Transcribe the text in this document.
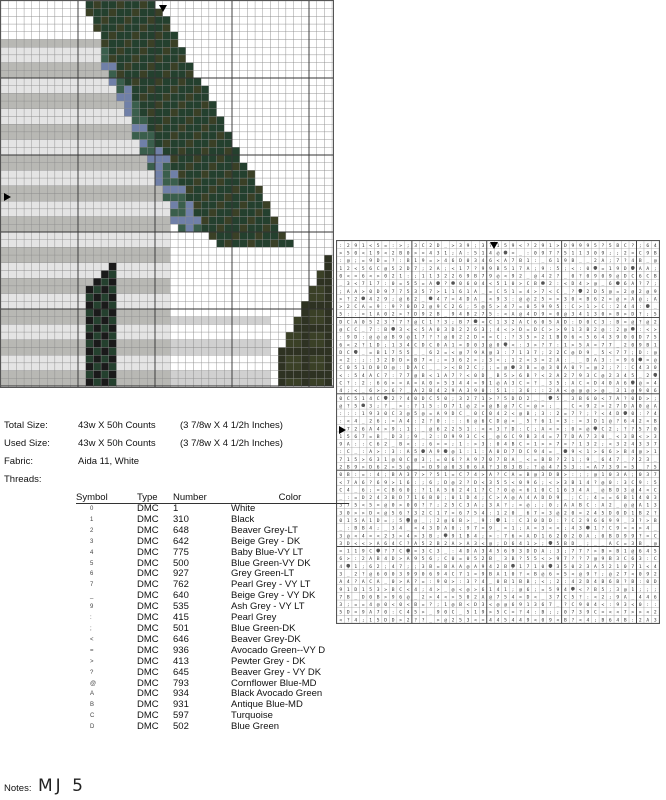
: 2 9 1 < 5 = : > ; 3 C 2 D _ > 3 9 ; 3 7 1 5 9 < ? 2 9 1 > D 9 9 9 5 ? 5 B C ? ; 6 4
> 5 0 < 1 9 < 2 B 0 > = 4 3 1 ; A : 5 1 4 @	= _ : 0 9 7 ? 5 1 1 3 0 9 ; ; 2 = C 9 B
: @ ; = 9 D = ? : B 1 9 = > 4 6 D 0 3 4 6 < A 7 B 1 : _ 6 1 9 B _ _ 2 A ; 7 ? 4 B _ @
1 2 < 5 6 C @ 5 2 D 7 ; 2 A ; < 1 7 ? 9 9 B 5 1 7 A ; 9 : 5 ; < : 0	= 1 9 D	A A ;
0 < = 6 < > 0 2 1 : ; 1 1 3 2 2 6 9 B 7 9 @ < 9 2 _ @ 4 2 ? _ 0 ? 0 9 0 9 @ D C 6 C B
_ 3 < 7 1 7 : 0 = 5 5 = A	?	0 6 0 4 < 5 1 0 > C B	2 : < D 4 > @ _ 6	6 A ? 7 ;
; A A > 0 D 9 7 7 5 3 5 7 > 1 1 6 1 A _ = C 5 1 = 4 > 7 < C _ ?	2 D 5 @ = 2 @ 2 @ 9
> ? 2	4 2 9 ; @ 6 2 _	4 7 = 4 D A _ < 9 3 : @ @ 2 5 = > 3 0 < B 6 2 = @ > A @ ; A
> 2 C A = 9 : 9 ? 0 D 2 @ 9 C 2 6 ; 5 @ 5 > 4 7 = 0 5 9 9 5 : C > 1 > C : 2 4 4 :	_
5 : : = 1 A 0 2 > ? D 9 2 B _ 9 4 B 2 7 5 : < A @ 4 D 9 = 0 @ 3 4 1 3 0 > B > D ? ; 5
D C A 0 5 2 3 ? 7 ? @ C 1 ? 3 ; B 7	< C 1 3 2 A C 6 0 5 A D : D 0 C 3 : B = @ ? @ 2
@ C C _ 7 : B	3 < < 5 A 0 3 D 2 2 6 3 ; 4 < > D = D C > > 9 1 3 B 2 @ : 2 @	: < >
: 9 D : @ @ @ B 9 @ 1 7 ? ? @ 0 2 2 D < = C ; ? 3 5 > 2 1 B 0 6 < 5 6 4 3 9 0 0 D 7 5
6 < 2 ? 1 D ; 1 3 4 C D C 0 A 1 = D 0 3 @ 0	< : 3 > ? 7 : 1 > 5 A = 7 7 _ 2 0 9 B 1
D C	_ = B 1 7 5 5 _ _ 6 2 = < @ 7 9 A @ 3 : 7 1 3 7 ; 2 2 C @ D 9 _ 5 < 7 7 ; D : @
< 2 : ; : 3 2 D D > B 7 < ; = 3 6 2 > ; 3 < ; 1 2 < 3 = 2 A : _ _ D A 3 : = 9 6	= @
C 0 5 1 D 0 D @ : D A C _ _ > < B 2 C ; ; = @	3 B = @ 3 0 A 0 ? = @ 2 ; ? : C 4 3 0
< : 5 4 A C 7 : 7 7 @ B < 1 A 7 ? < 0 D _ B 5 > 6 B ? < 2 A 2 7 9 3 C @ 2 3 4 5 _ 2
C ? : 2 : 6 6 > = A = A 0 > 5 3 4 4 = 9 1 @ A 3 C = ? _ 3 5 : A C < D 4 0 A 6	@ = 4
4 ; < _ 6 > > 6 ? _ A 2 B 4 2 9 A 3 9 0 : 5 1 : 3 6 : : 2 A < @ @ @ > @ _ 3 1 @ 9 0 6
0 C 5 1 4 C	2 ? 4 0 D C 5 0 ; 3 2 7 1 > ? 5 D D 2 _ _	5 _ 3 B 6 0 < 7 A ? 0 D > ;
@ ? 5	3 ; ? _ > : ? 1 5 : D 7 1 @ 2 > @ B @ 7 C = @ > ; _ _ C < 9 2 > 2 7 D A 0 @ A
: : : 1 9 3 0 C 3 @ 5 @ = A 9 D C _ 0 C 0 4 2 < @ B ; 3 : 2 = 7 ? ; ? < 4 D	0 : ? 4
: < 4 _ 2 6 ; = A 4 : 2 ? 0 : : : 6 @ 6 C D @ < _ 5 ? 6 1 = 3 : = 3 D 1 @ ? 6 4 2 < B
; 7 2 6 A 4 > 9 ; 1 : _ @ 6 2 2 5 1 : < < 3 ? D : C ; A < > : 0 > @	C 2 ; ? ? 5 7 0
1 5 6 7 = B _ D 3 ; 9 _ 2 : D 9 9 3 C < _ @ 6 C 9 B 3 4 = 7 7 D A 7 3 0 _ < 3 B < > 3
9 A : : C 6 2 _ B < : ; 6 = = ; 1 : > 3 : 0 4 B C = 1 > > 7 = ? 1 3 2 ; < 3 2 4 3 3 7
: C _ : A > : 3 : A 5	A 9	@ 1 : 1 : A 0 D 7 D C 9 4 = _	9 < 1 > 6 6 > B 4 @ > 1
7 1 5 > 6 3 1 @ 0 C @ 3 ; = 0 6 ? A 9 7 0 7 B A _ < = B B ? 2 1 ; 9 _ 6 4 7 _ ? 2 3 _
2 B 9 > D 6 2 > 5 @ _ = D 9 @ 0 3 0 6 A ? 3 B 3 B ; ? @ 4 ? 5 3 : < A 7 3 9 = 5 _ ? 5
0 B : = : 4 ; B A 3 7 > ? 5 1 = C 7 4 > A ? C A = B @ 3 D B > : ; ; @ 1 0 3 A ; 0 3 7
< 7 A 6 ? 6 9 > 1 6 : ; 6 ; D @ 2 ? D < 3 5 5 < 0 9 6 ; < > 3 B 1 4 ? @ 0 : 3 C 9 : 5
C 4 _ 6 ; = C B 6 0 : ? 1 A 5 6 2 4 1 ? C ? 0 @ < 6 1 0 C 1 6 3 4 A _ @ B D 3 @ 4 < C
_ : = D 2 4 3 B D 7 1 6 B 0 ; 0 1 D 4 ; C > A @ A 4 A D D 9 _ ; C ; 4 = = 6 B 1 4 0 3
3 7 5 < 5 = @ 0 > 0 0 ? ? ; 2 5 C 3 A ; 3 A ? ; = @ ; ; 0 ; A A B C : A 2 _ @ @ A 1 3
3 0 > > D < @ 5 6 ? 3 2 C 1 7 = 6 7 5 4 : 1 2 0 _ 6 7 = 3 @ 2 0 = 2 4 5 D 0 D 1 B 2 ?
0 1 5 A 1 D = ; 5	@ _ ; 2 @ 6 B > _ 9 :	1 : C 3 0 D D : ? C 2 9 6 6 9 9 _ 3 ? > B
_ : B B 4 ; _ 3 4 _ < 4 3 D A 0 ; 9 7 = 9 _ = 1 ; A = 3 < < ; 4 3	1 ? C 9 = < > 4 _
3 @ < 4 = < 2 3 > 4 > 3 B ;	9 1 B 4 ; > : 7 6 > A D 1 6 2 0 2 0 A ; 0 B D 9 9 ? = C
3 D < < > A 6 4 C ? A 5 2 B 2 A > A 3 < @ ; D 6 4 1 > ;	5 B D _ ; _ _ A C = 3 B _ @
= 1 1 9 C	? 7 C	= 3 C 3 _ : 4 D A 3 4 5 6 9 3 D D A ; 3 ; 7 7 ? > B > B 1 @ 6 4 5
6 > : 2 A B 4 D > A 9 5 6 ; C 0 = 0 5 2 B _ 3 B ? 5 5 < > 9 7 ? ? 7 @ 9 B 3 C 6 3 : C
4	1 ; 6 2 ; 4 7 ; ; 3 B = B A A @ A 9 4 2 B	1 7 1 0	3 5 0 2 3 A 5 2 1 0 7 1 < 4
3 _ 2 ? @ 6 0 0 3 9 9 0 6 9 4 C 7 1 = 9 B A 1 0 ? < B @ 6 = 5 < @ 9 ? ; @ 2 7 < 0 9 2
A 4 ? A C A _ 0 > A ? = : 9 0 > : 3 ? 4 _ 0 B 1 B B ; < ; 2 : 4 2 D 4 B 6 B ? B : 0 D
9 1 D 1 5 3 > B C < 4 ; 4 > _ @ < @ > 6 1 4 1 ; @ 6 ; = 5 9 4	< ? B 5 ; 3 @ 1 ; ; ;
7 B _ D 0 B > 9 6 @ _ 2 > 4 < > 5 0 2 A @ 7 5 4 = D < _ 3 7 C 5 ? : < 2 ; 9 A _ 4 4 6
3 ; = = 4 @ 0 < 0 < B = ? ; 1 @ B < D 3 < @ @ 6 9 1 3 6 7 _ ? C 9 0 4 < : 9 3 < 0 : :
5 D = 9 A 7 0 : C 4 5 > _ 9 0 C _ 5 1 9 > 5 C = ? 4 : B ; ; 0 7 3 9 C = < < 7 > > < 2
< ? 4 ; 1 5 D D > 2 ? ? _ > @ 2 5 3 < = 4 4 5 4 4 9 < 0 9 < B ? < 4 ; B 6 4 B : 2 A 3
Total Size:	43w X 50h Counts	(3 7/8w X 4 1/2h Inches)
Used Size:	43w X 50h Counts	(3 7/8w X 4 1/2h Inches)
Fabric:	Aida 11, White
Threads:
Symbol	Type	Number	Color
0	DMC	1	White
1	DMC	310	Black
2	DMC	648	Beaver Grey-LT
3	DMC	642	Beige Grey - DK
4	DMC	775	Baby Blue-VY LT
5	DMC	500	Blue Green-VY DK
6	DMC	927	Grey Green-LT
7	DMC	762	Pearl Grey - VY LT
_	DMC	640	Beige Grey - VY DK
9	DMC	535	Ash Grey - VY LT
:	DMC	415	Pearl Grey
;	DMC	501	Blue Green-DK
<	DMC	646	Beaver Grey-DK
=	DMC	936	Avocado Green--VY D
>	DMC	413	Pewter Grey - DK
?	DMC	645	Beaver Grey - VY DK
@	DMC	793	Cornflower Blue-MD
A	DMC	934	Black Avocado Green
B	DMC	931	Antique Blue-MD
C	DMC	597	Turquoise
D	DMC	502	Blue Green
Notes: MJ 5
